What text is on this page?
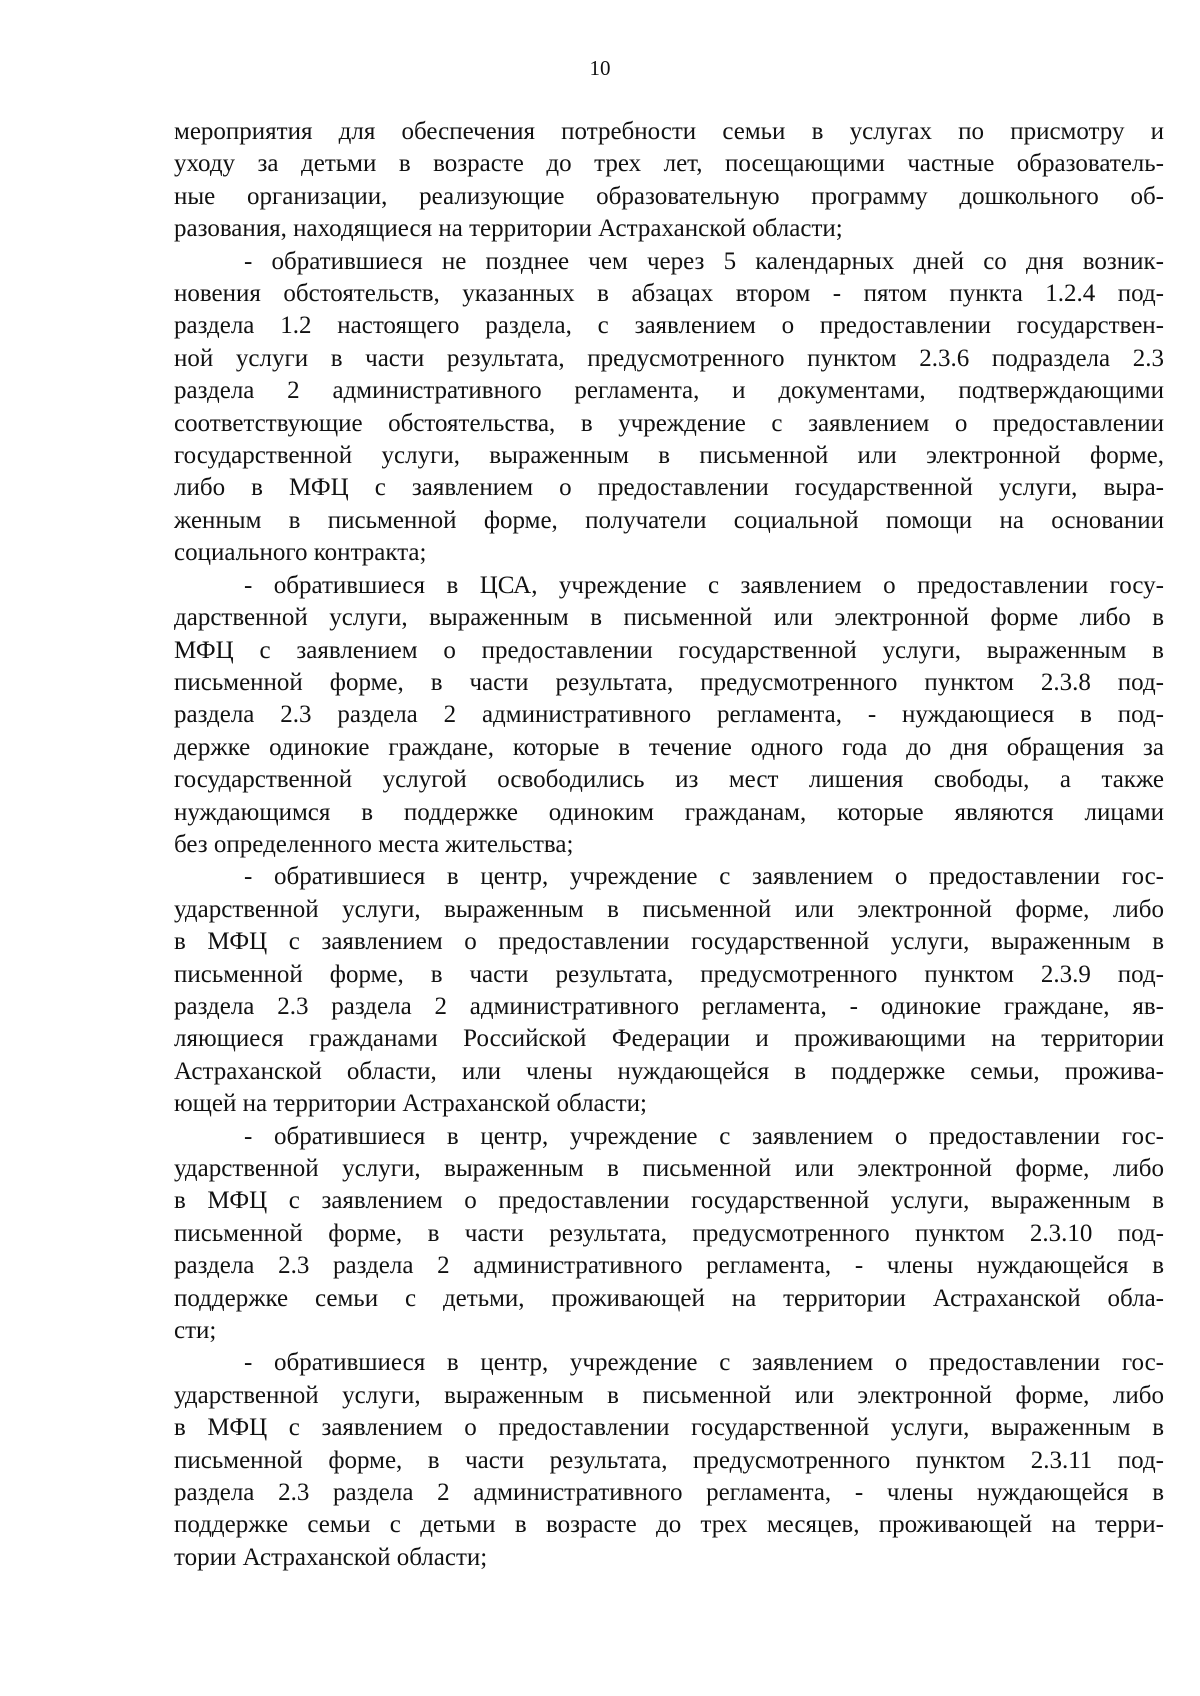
10
мероприятия для обеспечения потребности семьи в услугах по присмотру и
уходу за детьми в возрасте до трех лет, посещающими частные образователь-
ные организации, реализующие образовательную программу дошкольного об-
разования, находящиеся на территории Астраханской области;
- обратившиеся не позднее чем через 5 календарных дней со дня возник-
новения обстоятельств, указанных в абзацах втором - пятом пункта 1.2.4 под-
раздела 1.2 настоящего раздела, с заявлением о предоставлении государствен-
ной услуги в части результата, предусмотренного пунктом 2.3.6 подраздела 2.3
раздела 2 административного регламента, и документами, подтверждающими
соответствующие обстоятельства, в учреждение с заявлением о предоставлении
государственной услуги, выраженным в письменной или электронной форме,
либо в МФЦ с заявлением о предоставлении государственной услуги, выра-
женным в письменной форме, получатели социальной помощи на основании
социального контракта;
- обратившиеся в ЦСА, учреждение с заявлением о предоставлении госу-
дарственной услуги, выраженным в письменной или электронной форме либо в
МФЦ с заявлением о предоставлении государственной услуги, выраженным в
письменной форме, в части результата, предусмотренного пунктом 2.3.8 под-
раздела 2.3 раздела 2 административного регламента, - нуждающиеся в под-
держке одинокие граждане, которые в течение одного года до дня обращения за
государственной услугой освободились из мест лишения свободы, а также
нуждающимся в поддержке одиноким гражданам, которые являются лицами
без определенного места жительства;
- обратившиеся в центр, учреждение с заявлением о предоставлении гос-
ударственной услуги, выраженным в письменной или электронной форме, либо
в МФЦ с заявлением о предоставлении государственной услуги, выраженным в
письменной форме, в части результата, предусмотренного пунктом 2.3.9 под-
раздела 2.3 раздела 2 административного регламента, - одинокие граждане, яв-
ляющиеся гражданами Российской Федерации и проживающими на территории
Астраханской области, или члены нуждающейся в поддержке семьи, прожива-
ющей на территории Астраханской области;
- обратившиеся в центр, учреждение с заявлением о предоставлении гос-
ударственной услуги, выраженным в письменной или электронной форме, либо
в МФЦ с заявлением о предоставлении государственной услуги, выраженным в
письменной форме, в части результата, предусмотренного пунктом 2.3.10 под-
раздела 2.3 раздела 2 административного регламента, - члены нуждающейся в
поддержке семьи с детьми, проживающей на территории Астраханской обла-
сти;
- обратившиеся в центр, учреждение с заявлением о предоставлении гос-
ударственной услуги, выраженным в письменной или электронной форме, либо
в МФЦ с заявлением о предоставлении государственной услуги, выраженным в
письменной форме, в части результата, предусмотренного пунктом 2.3.11 под-
раздела 2.3 раздела 2 административного регламента, - члены нуждающейся в
поддержке семьи с детьми в возрасте до трех месяцев, проживающей на терри-
тории Астраханской области;
